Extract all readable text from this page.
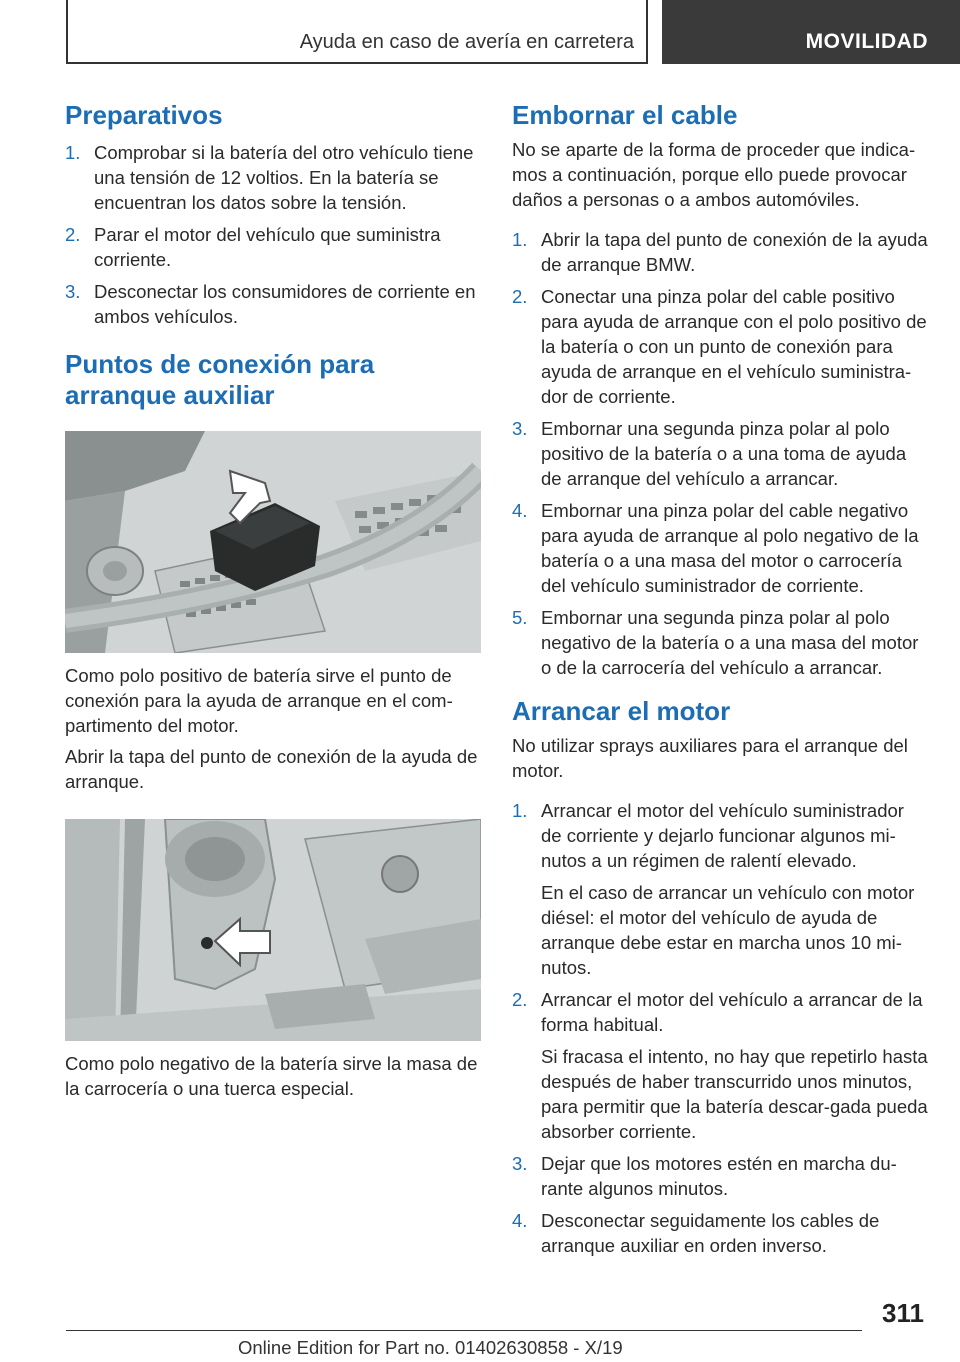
Ayuda en caso de avería en carretera	MOVILIDAD
Preparativos
1. Comprobar si la batería del otro vehículo tiene una tensión de 12 voltios. En la batería se encuentran los datos sobre la tensión.
2. Parar el motor del vehículo que suministra corriente.
3. Desconectar los consumidores de corriente en ambos vehículos.
Puntos de conexión para arranque auxiliar

Como polo positivo de batería sirve el punto de conexión para la ayuda de arranque en el com-partimento del motor.

Abrir la tapa del punto de conexión de la ayuda de arranque.

Como polo negativo de la batería sirve la masa de la carrocería o una tuerca especial.

Embornar el cable

No se aparte de la forma de proceder que indica-mos a continuación, porque ello puede provocar daños a personas o a ambos automóviles.

1. Abrir la tapa del punto de conexión de la ayuda de arranque BMW.
2. Conectar una pinza polar del cable positivo para ayuda de arranque con el polo positivo de la batería o con un punto de conexión para ayuda de arranque en el vehículo suministra-dor de corriente.
3. Embornar una segunda pinza polar al polo positivo de la batería o a una toma de ayuda de arranque del vehículo a arrancar.
4. Embornar una pinza polar del cable negativo para ayuda de arranque al polo negativo de la batería o a una masa del motor o carrocería del vehículo suministrador de corriente.
5. Embornar una segunda pinza polar al polo negativo de la batería o a una masa del motor o de la carrocería del vehículo a arrancar.
Arrancar el motor

No utilizar sprays auxiliares para el arranque del motor.

1. Arrancar el motor del vehículo suministrador de corriente y dejarlo funcionar algunos mi-nutos a un régimen de ralentí elevado.
En el caso de arrancar un vehículo con motor diésel: el motor del vehículo de ayuda de arranque debe estar en marcha unos 10 mi-nutos.
2. Arrancar el motor del vehículo a arrancar de la forma habitual.
Si fracasa el intento, no hay que repetirlo hasta después de haber transcurrido unos minutos, para permitir que la batería descar-gada pueda absorber corriente.
3. Dejar que los motores estén en marcha du-rante algunos minutos.
4. Desconectar seguidamente los cables de arranque auxiliar en orden inverso.
311
Online Edition for Part no. 01402630858 - X/19
